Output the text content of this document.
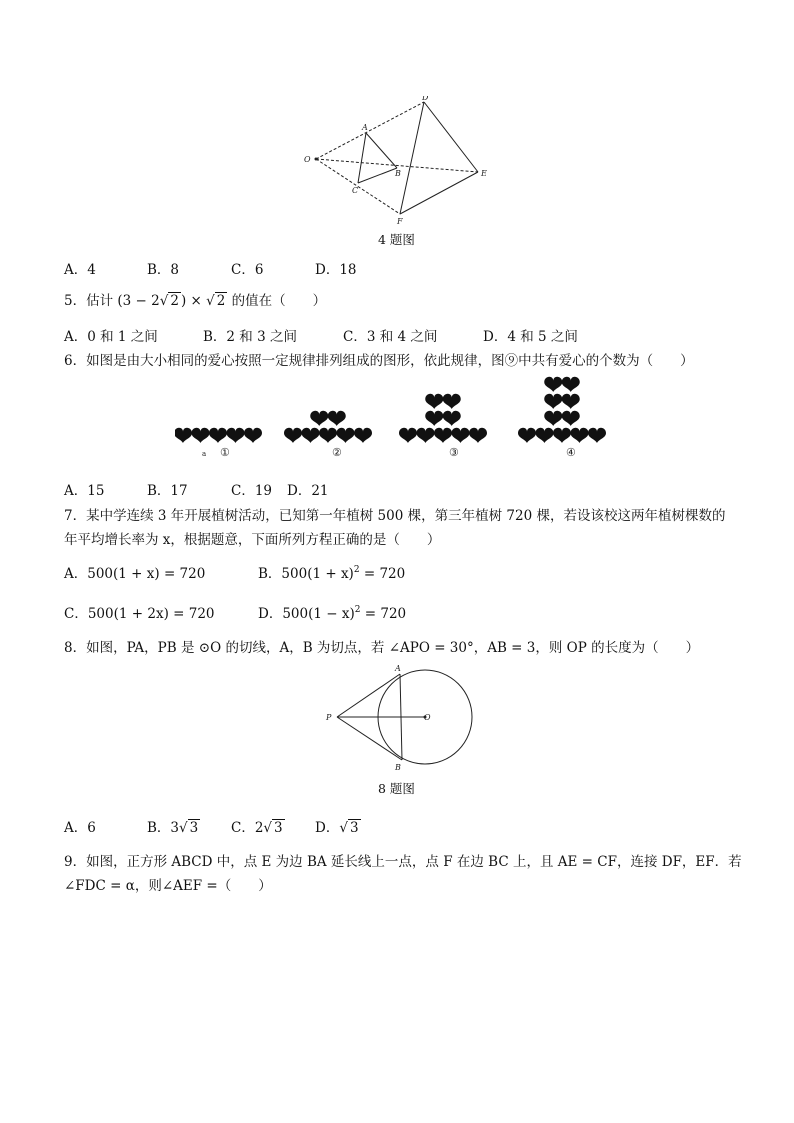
O
A
B
C
D
E
F
4 题图
A．4	B．8	C．6	D．18
5．估计 (3 − 2√ 2 ) × √ 2 的值在（　　）
A．0 和 1 之间	B．2 和 3 之间	C．3 和 4 之间	D．4 和 5 之间
6．如图是由大小相同的爱心按照一定规律排列组成的图形，依此规律，图⑨中共有爱心的个数为（　　）
a ①	②	③	④
A．15	B．17	C．19 D．21
7．某中学连续 3 年开展植树活动，已知第一年植树 500 棵，第三年植树 720 棵，若设该校这两年植树棵数的
年平均增长率为 x，根据题意，下面所列方程正确的是（　　）
A．500(1 + x) = 720	B．$500(1 + x)^2 = 720$
C．500(1 + 2x) = 720	D．$500(1 - x)^2 = 720$
8．如图，PA，PB 是 ⊙O 的切线，A，B 为切点，若 ∠APO = 30°，AB = 3，则 OP 的长度为（　　）
P
A
B
O
8 题图
A．6	B．3√ 3 C．2√ 3 D．√ 3
9．如图，正方形 ABCD 中，点 E 为边 BA 延长线上一点，点 F 在边 BC 上，且 AE = CF，连接 DF，EF．若
∠FDC = α，则∠AEF =（　　）
